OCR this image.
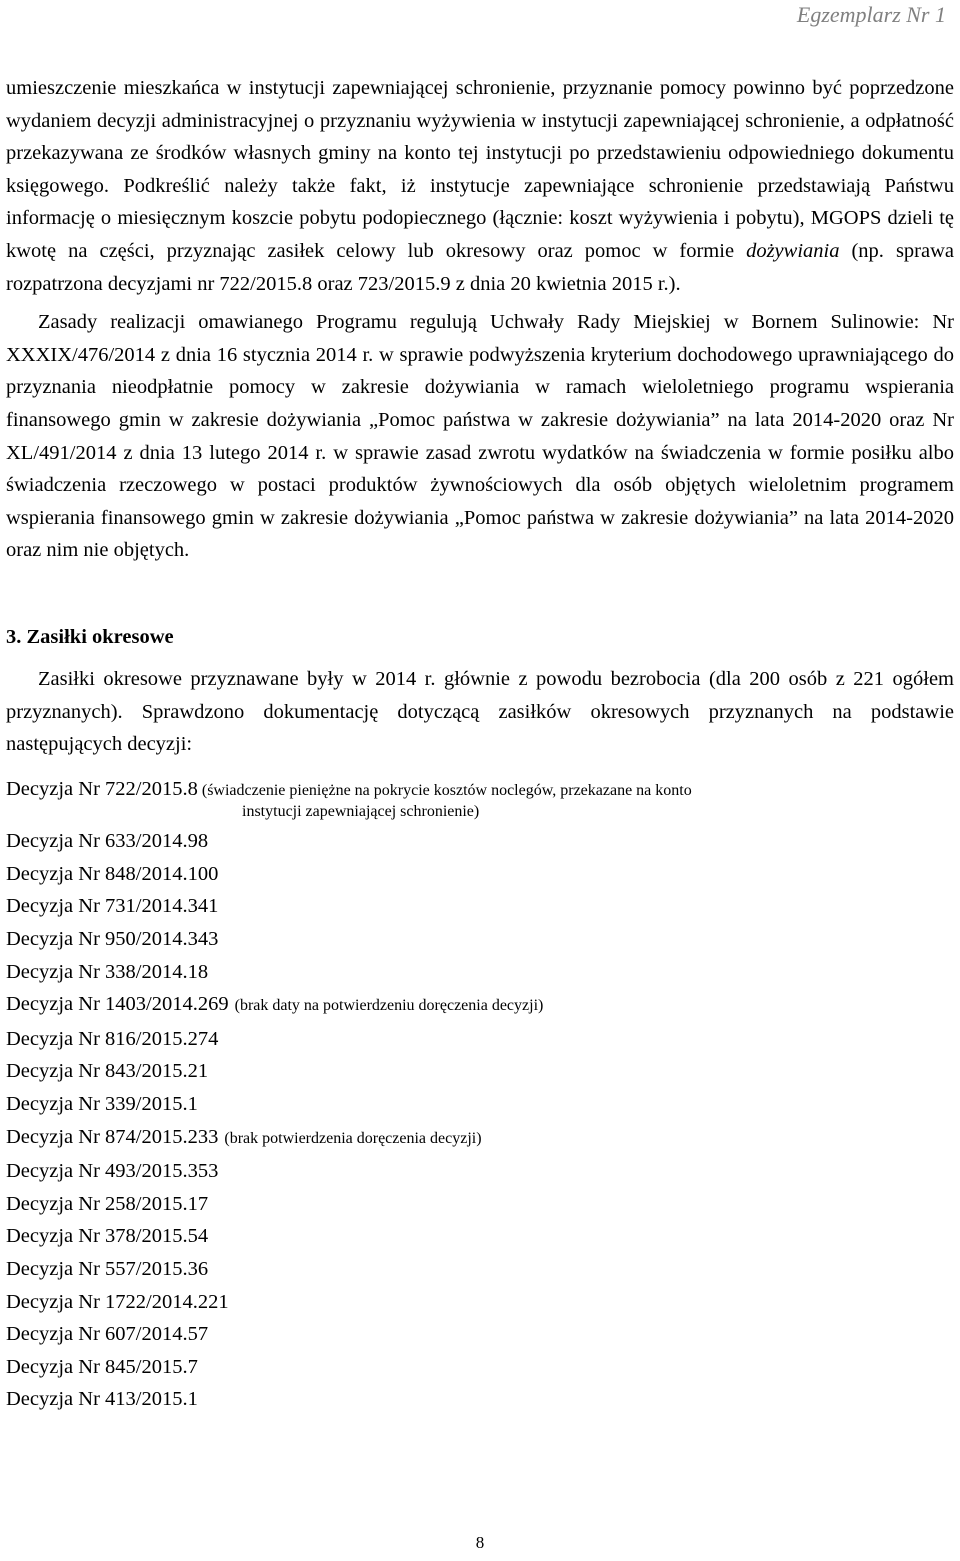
Egzemplarz Nr 1

umieszczenie mieszkańca w instytucji zapewniającej schronienie, przyznanie pomocy powinno być poprzedzone wydaniem decyzji administracyjnej o przyznaniu wyżywienia w instytucji zapewniającej schronienie, a odpłatność przekazywana ze środków własnych gminy na konto tej instytucji po przedstawieniu odpowiedniego dokumentu księgowego. Podkreślić należy także fakt, iż instytucje zapewniające schronienie przedstawiają Państwu informację o miesięcznym koszcie pobytu podopiecznego (łącznie: koszt wyżywienia i pobytu), MGOPS dzieli tę kwotę na części, przyznając zasiłek celowy lub okresowy oraz pomoc w formie dożywiania (np. sprawa rozpatrzona decyzjami nr 722/2015.8 oraz 723/2015.9 z dnia 20 kwietnia 2015 r.).

Zasady realizacji omawianego Programu regulują Uchwały Rady Miejskiej w Bornem Sulinowie: Nr XXXIX/476/2014 z dnia 16 stycznia 2014 r. w sprawie podwyższenia kryterium dochodowego uprawniającego do przyznania nieodpłatnie pomocy w zakresie dożywiania w ramach wieloletniego programu wspierania finansowego gmin w zakresie dożywiania „Pomoc państwa w zakresie dożywiania” na lata 2014-2020 oraz Nr XL/491/2014 z dnia 13 lutego 2014 r. w sprawie zasad zwrotu wydatków na świadczenia w formie posiłku albo świadczenia rzeczowego w postaci produktów żywnościowych dla osób objętych wieloletnim programem wspierania finansowego gmin w zakresie dożywiania „Pomoc państwa w zakresie dożywiania” na lata 2014-2020 oraz nim nie objętych.

3. Zasiłki okresowe

Zasiłki okresowe przyznawane były w 2014 r. głównie z powodu bezrobocia (dla 200 osób z 221 ogółem przyznanych). Sprawdzono dokumentację dotyczącą zasiłków okresowych przyznanych na podstawie następujących decyzji:

Decyzja Nr 722/2015.8 (świadczenie pieniężne na pokrycie kosztów noclegów, przekazane na konto
instytucji zapewniającej schronienie)
Decyzja Nr 633/2014.98
Decyzja Nr 848/2014.100
Decyzja Nr 731/2014.341
Decyzja Nr 950/2014.343
Decyzja Nr 338/2014.18
Decyzja Nr 1403/2014.269 (brak daty na potwierdzeniu doręczenia decyzji)
Decyzja Nr 816/2015.274
Decyzja Nr 843/2015.21
Decyzja Nr 339/2015.1
Decyzja Nr 874/2015.233 (brak potwierdzenia doręczenia decyzji)
Decyzja Nr 493/2015.353
Decyzja Nr 258/2015.17
Decyzja Nr 378/2015.54
Decyzja Nr 557/2015.36
Decyzja Nr 1722/2014.221
Decyzja Nr 607/2014.57
Decyzja Nr 845/2015.7
Decyzja Nr 413/2015.1
8
